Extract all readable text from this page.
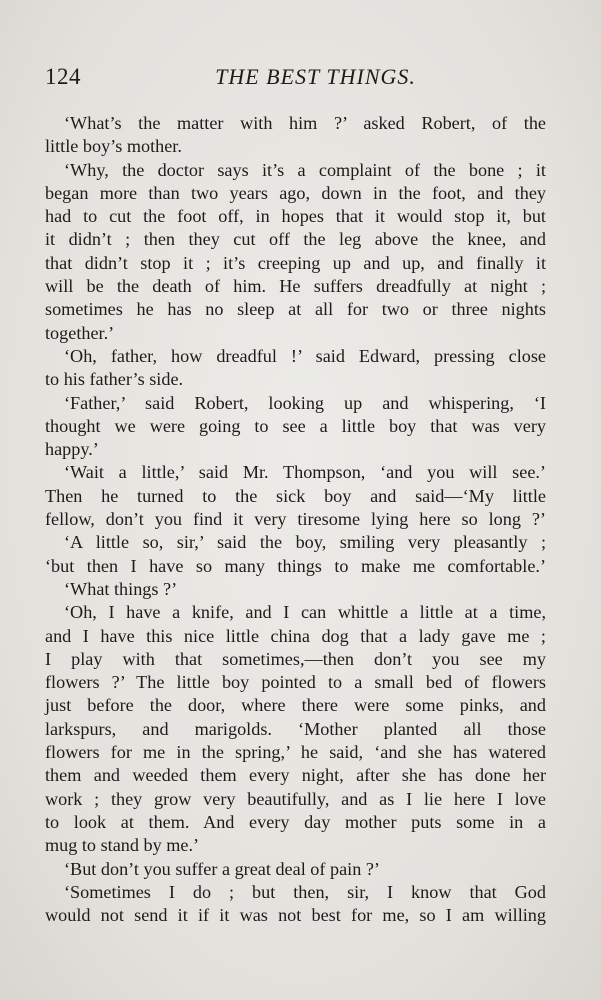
124	THE BEST THINGS.
‘What’s the matter with him ?’ asked Robert, of the
little boy’s mother.
‘Why, the doctor says it’s a complaint of the bone ; it
began more than two years ago, down in the foot, and they
had to cut the foot off, in hopes that it would stop it, but
it didn’t ; then they cut off the leg above the knee, and
that didn’t stop it ; it’s creeping up and up, and finally it
will be the death of him. He suffers dreadfully at night ;
sometimes he has no sleep at all for two or three nights
together.’
‘Oh, father, how dreadful !’ said Edward, pressing close
to his father’s side.
‘Father,’ said Robert, looking up and whispering, ‘I
thought we were going to see a little boy that was very
happy.’
‘Wait a little,’ said Mr. Thompson, ‘and you will see.’
Then he turned to the sick boy and said—‘My little
fellow, don’t you find it very tiresome lying here so long ?’
‘A little so, sir,’ said the boy, smiling very pleasantly ;
‘but then I have so many things to make me comfortable.’
‘What things ?’
‘Oh, I have a knife, and I can whittle a little at a time,
and I have this nice little china dog that a lady gave me ;
I play with that sometimes,—then don’t you see my
flowers ?’ The little boy pointed to a small bed of flowers
just before the door, where there were some pinks, and
larkspurs, and marigolds. ‘Mother planted all those
flowers for me in the spring,’ he said, ‘and she has watered
them and weeded them every night, after she has done her
work ; they grow very beautifully, and as I lie here I love
to look at them. And every day mother puts some in a
mug to stand by me.’
‘But don’t you suffer a great deal of pain ?’
‘Sometimes I do ; but then, sir, I know that God
would not send it if it was not best for me, so I am willing
